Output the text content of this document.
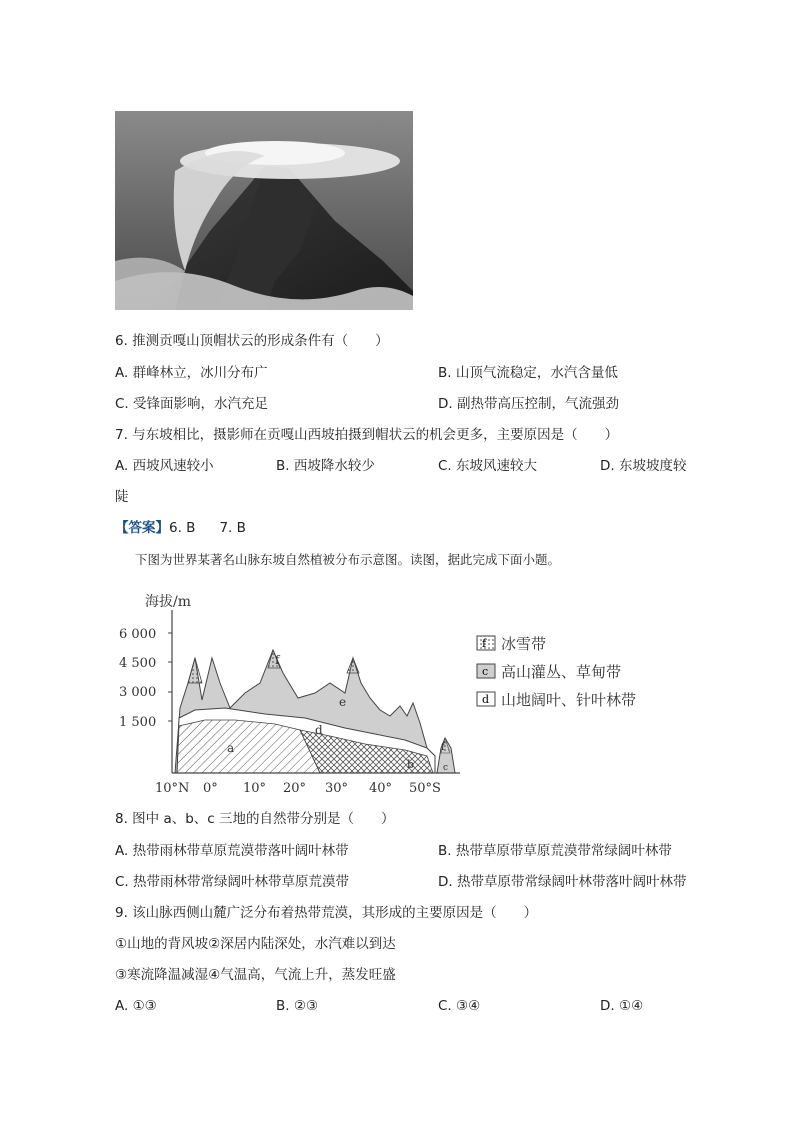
6. 推测贡嘎山顶帽状云的形成条件有（　　）
A. 群峰林立，冰川分布广	B. 山顶气流稳定，水汽含量低
C. 受锋面影响，水汽充足	D. 副热带高压控制，气流强劲
7. 与东坡相比，摄影师在贡嘎山西坡拍摄到帽状云的机会更多，主要原因是（　　）
A. 西坡风速较小	B. 西坡降水较少	C. 东坡风速较大	D. 东坡坡度较
陡
【答案】6. B 7. B
下图为世界某著名山脉东坡自然植被分布示意图。读图，据此完成下面小题。
海拔/m
6 000
4 500
3 000
1 500
f
e
d
a
b
f
c
10°N 0° 10° 20° 30° 40° 50°S
f 冰雪带
c 高山灌丛、草甸带
d 山地阔叶、针叶林带
8. 图中 a、b、c 三地的自然带分别是（　　）
A. 热带雨林带草原荒漠带落叶阔叶林带	B. 热带草原带草原荒漠带常绿阔叶林带
C. 热带雨林带常绿阔叶林带草原荒漠带	D. 热带草原带常绿阔叶林带落叶阔叶林带
9. 该山脉西侧山麓广泛分布着热带荒漠，其形成的主要原因是（　　）
①山地的背风坡②深居内陆深处，水汽难以到达
③寒流降温减湿④气温高，气流上升，蒸发旺盛
A. ①③	B. ②③	C. ③④	D. ①④
